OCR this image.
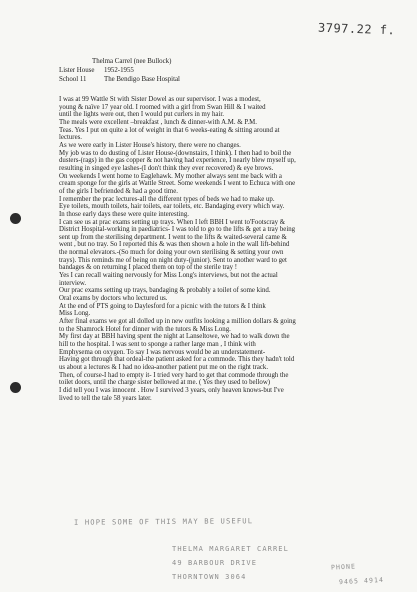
3797.22 f.
Thelma Carrel (nee Bullock)
Lister House 1952-1955
School 11	The Bendigo Base Hospital
I was at 99 Wattle St with Sister Dowel as our supervisor. I was a modest,
young & naïve 17 year old. I roomed with a girl from Swan Hill & I waited
until the lights were out, then I would put curlers in my hair.
The meals were excellent –breakfast , lunch & dinner-with A.M. & P.M.
Teas. Yes I put on quite a lot of weight in that 6 weeks-eating & sitting around at
lectures.
As we were early in Lister House's history, there were no changes.
My job was to do dusting of Lister House-(downstairs, I think). I then had to boil the
dusters-(rags) in the gas copper & not having had experience, I nearly blew myself up,
resulting in singed eye lashes-(I don't think they ever recovered) & eye brows.
On weekends I went home to Eaglehawk. My mother always sent me back with a
cream sponge for the girls at Wattle Street. Some weekends I went to Echuca with one
of the girls I befriended & had a good time.
I remember the prac lectures-all the different types of beds we had to make up.
Eye toilets, mouth toilets, hair toilets, ear toilets, etc. Bandaging every which way.
In those early days these were quite interesting.
I can see us at prac exams setting up trays. When I left BBH I went to'Footscray &
District Hospital-working in paediatrics- I was told to go to the lifts & get a tray being
sent up from the sterilising department. I went to the lifts & waited-several came &
went , but no tray. So I reported this & was then shown a hole in the wall lift-behind
the normal elevators.-(So much for doing your own sterilising & setting your own
trays). This reminds me of being on night duty-(junior). Sent to another ward to get
bandages & on returning I placed them on top of the sterile tray !
Yes I can recall waiting nervously for Miss Long's interviews, but not the actual
interview.
Our prac exams setting up trays, bandaging & probably a toilet of some kind.
Oral exams by doctors who lectured us.
At the end of PTS going to Daylesford for a picnic with the tutors & I think
Miss Long.
After final exams we got all dolled up in new outfits looking a million dollars & going
to the Shamrock Hotel for dinner with the tutors & Miss Long.
My first day at BBH having spent the night at Lanseltowe, we had to walk down the
hill to the hospital. I was sent to sponge a rather large man , I think with
Emphysema on oxygen. To say I was nervous would be an understatement-
Having got through that ordeal-the patient asked for a commode. This they hadn't told
us about a lectures & I had no idea-another patient put me on the right track.
Then, of course-I had to empty it- I tried very hard to get that commode through the
toilet doors, until the charge sister bellowed at me. ( Yes they used to bellow)
I did tell you I was innocent . How I survived 3 years, only heaven knows-but I've
lived to tell the tale 58 years later.
I HOPE SOME OF THIS MAY BE USEFUL
THELMA MARGARET CARREL
49 BARBOUR DRIVE
THORNTOWN 3064
PHONE
9465 4914
